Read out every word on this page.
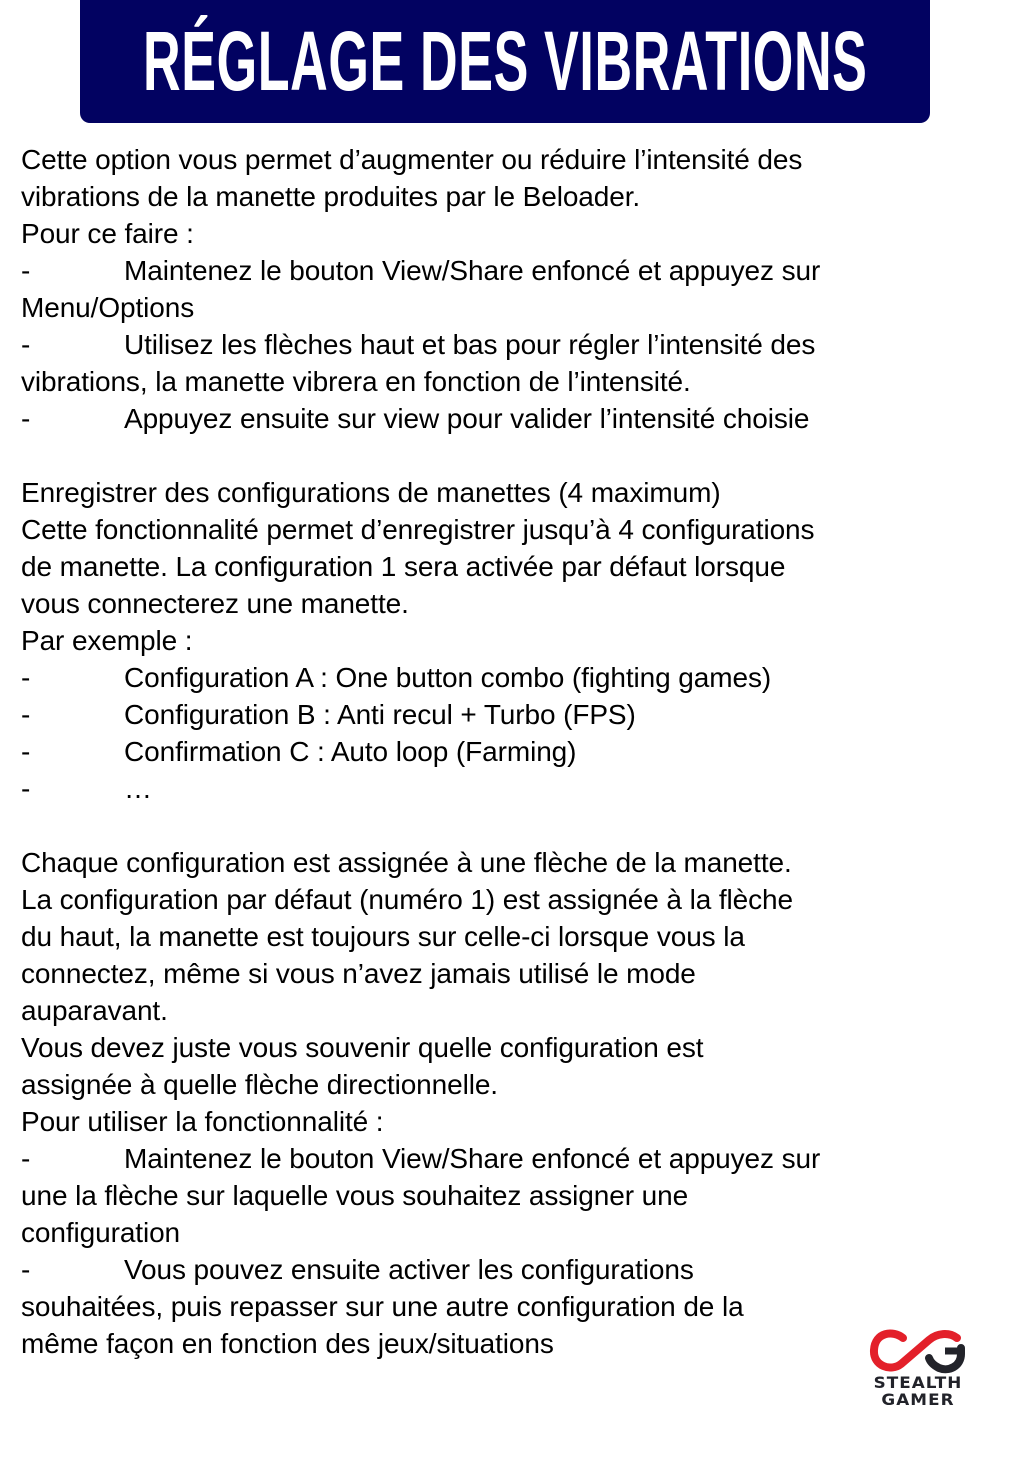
RÉGLAGE DES VIBRATIONS
Cette option vous permet d’augmenter ou réduire l’intensité des
vibrations de la manette produites par le Beloader.
Pour ce faire :
-	Maintenez le bouton View/Share enfoncé et appuyez sur
Menu/Options
-	Utilisez les flèches haut et bas pour régler l’intensité des
vibrations, la manette vibrera en fonction de l’intensité.
-	Appuyez ensuite sur view pour valider l’intensité choisie
Enregistrer des configurations de manettes (4 maximum)
Cette fonctionnalité permet d’enregistrer jusqu’à 4 configurations
de manette. La configuration 1 sera activée par défaut lorsque
vous connecterez une manette.
Par exemple :
-	Configuration A : One button combo (fighting games)
-	Configuration B : Anti recul + Turbo (FPS)
-	Confirmation C : Auto loop (Farming)
-	…
Chaque configuration est assignée à une flèche de la manette.
La configuration par défaut (numéro 1) est assignée à la flèche
du haut, la manette est toujours sur celle-ci lorsque vous la
connectez, même si vous n’avez jamais utilisé le mode
auparavant.
Vous devez juste vous souvenir quelle configuration est
assignée à quelle flèche directionnelle.
Pour utiliser la fonctionnalité :
-	Maintenez le bouton View/Share enfoncé et appuyez sur
une la flèche sur laquelle vous souhaitez assigner une
configuration
-	Vous pouvez ensuite activer les configurations
souhaitées, puis repasser sur une autre configuration de la
même façon en fonction des jeux/situations
STEALTH
GAMER
